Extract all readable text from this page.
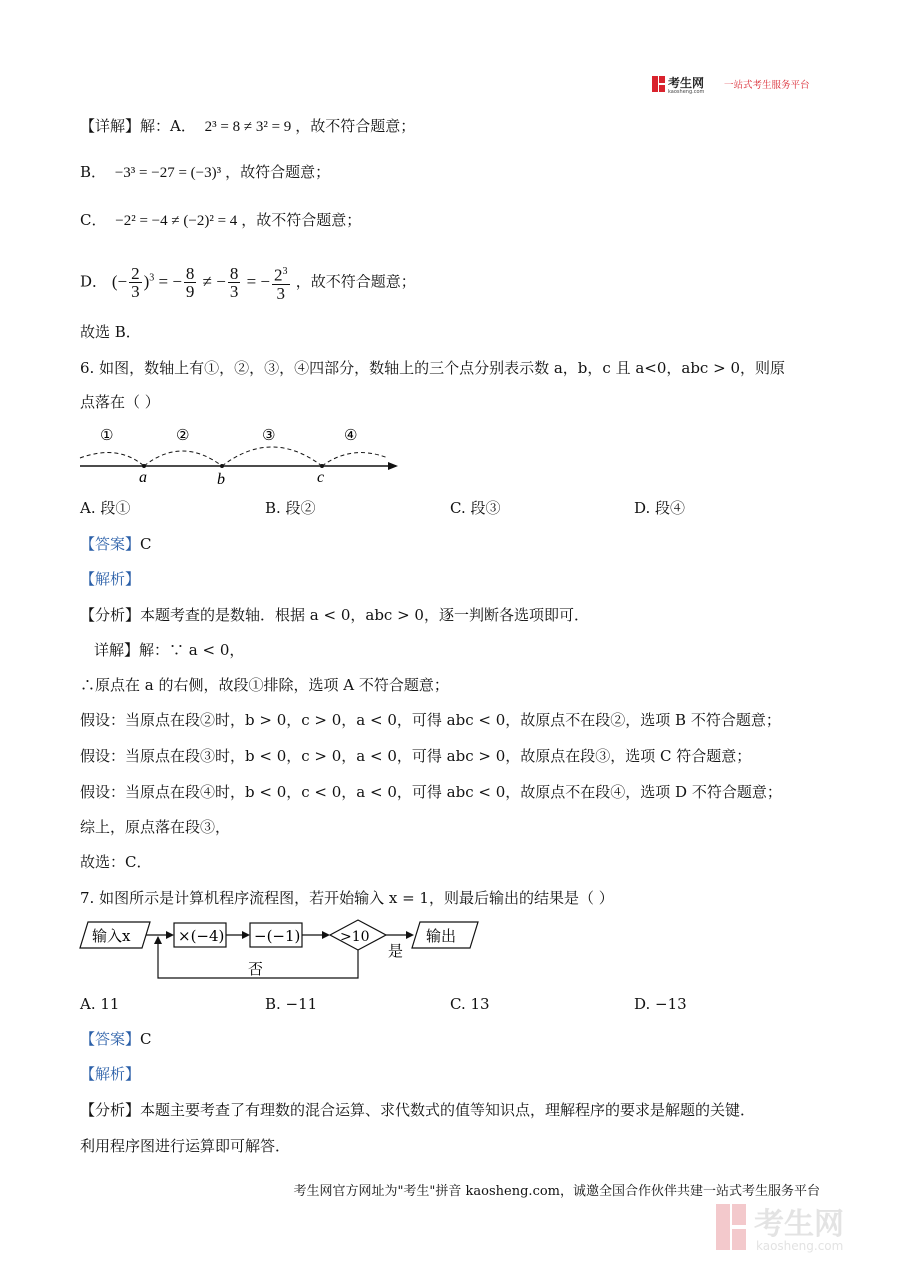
考生网
kaosheng.com
一站式考生服务平台
【详解】解：A． 2³ = 8 ≠ 3² = 9 ，故不符合题意；
B． −3³ = −27 = (−3)³ ，故符合题意；
C． −2² = −4 ≠ (−2)² = 4 ，故不符合题意；
D． (− $\frac{2}{3} )^3$ = − $\frac{8}{9}$ ≠ − $\frac{8}{3}$ = − $\frac{2^3}{3}$ ，故不符合题意；
故选 B．
6. 如图，数轴上有①，②，③，④四部分，数轴上的三个点分别表示数 a，b，c 且 a<0，abc > 0，则原
点落在（ ）
①	②	③	④
a	b	c
A. 段①	B. 段②	C. 段③	D. 段④
【答案】C
【解析】
【分析】本题考查的是数轴．根据 a < 0，abc > 0，逐一判断各选项即可．
详解】解：∵ a < 0，
∴原点在 a 的右侧，故段①排除，选项 A 不符合题意；
假设：当原点在段②时，b > 0，c > 0，a < 0，可得 abc < 0，故原点不在段②，选项 B 不符合题意；
假设：当原点在段③时，b < 0，c > 0，a < 0，可得 abc > 0，故原点在段③，选项 C 符合题意；
假设：当原点在段④时，b < 0，c < 0，a < 0，可得 abc < 0，故原点不在段④，选项 D 不符合题意；
综上，原点落在段③，
故选：C．
7. 如图所示是计算机程序流程图，若开始输入 x = 1，则最后输出的结果是（ ）
输入x	×(−4) −(−1)	>10
是
输出
否
A. 11	B. −11	C. 13	D. −13
【答案】C
【解析】
【分析】本题主要考查了有理数的混合运算、求代数式的值等知识点，理解程序的要求是解题的关键．
利用程序图进行运算即可解答．
考生网官方网址为"考生"拼音 kaosheng.com，诚邀全国合作伙伴共建一站式考生服务平台
考生网
kaosheng.com
